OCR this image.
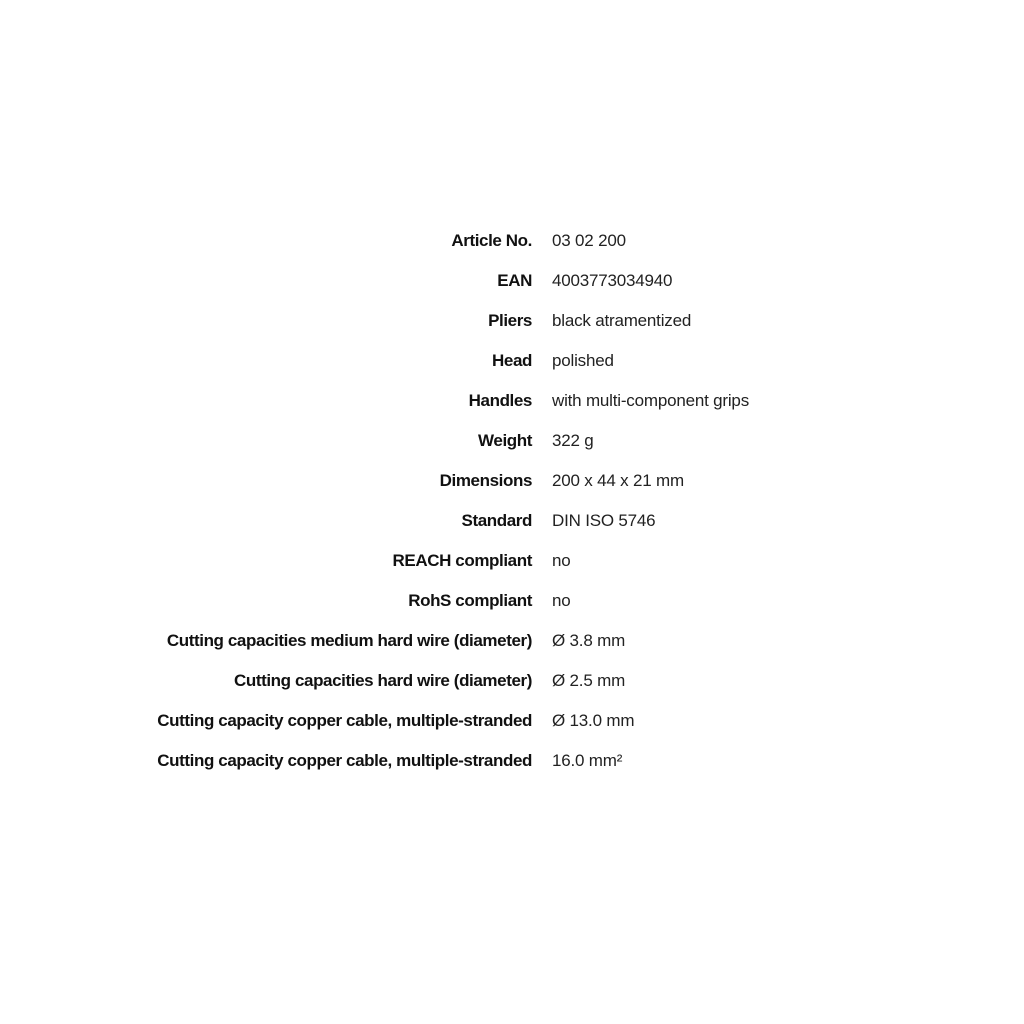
Article No.	03 02 200
EAN	4003773034940
Pliers	black atramentized
Head	polished
Handles	with multi-component grips
Weight	322 g
Dimensions	200 x 44 x 21 mm
Standard	DIN ISO 5746
REACH compliant	no
RohS compliant	no
Cutting capacities medium hard wire (diameter)	Ø 3.8 mm
Cutting capacities hard wire (diameter)	Ø 2.5 mm
Cutting capacity copper cable, multiple-stranded	Ø 13.0 mm
Cutting capacity copper cable, multiple-stranded	16.0 mm²
